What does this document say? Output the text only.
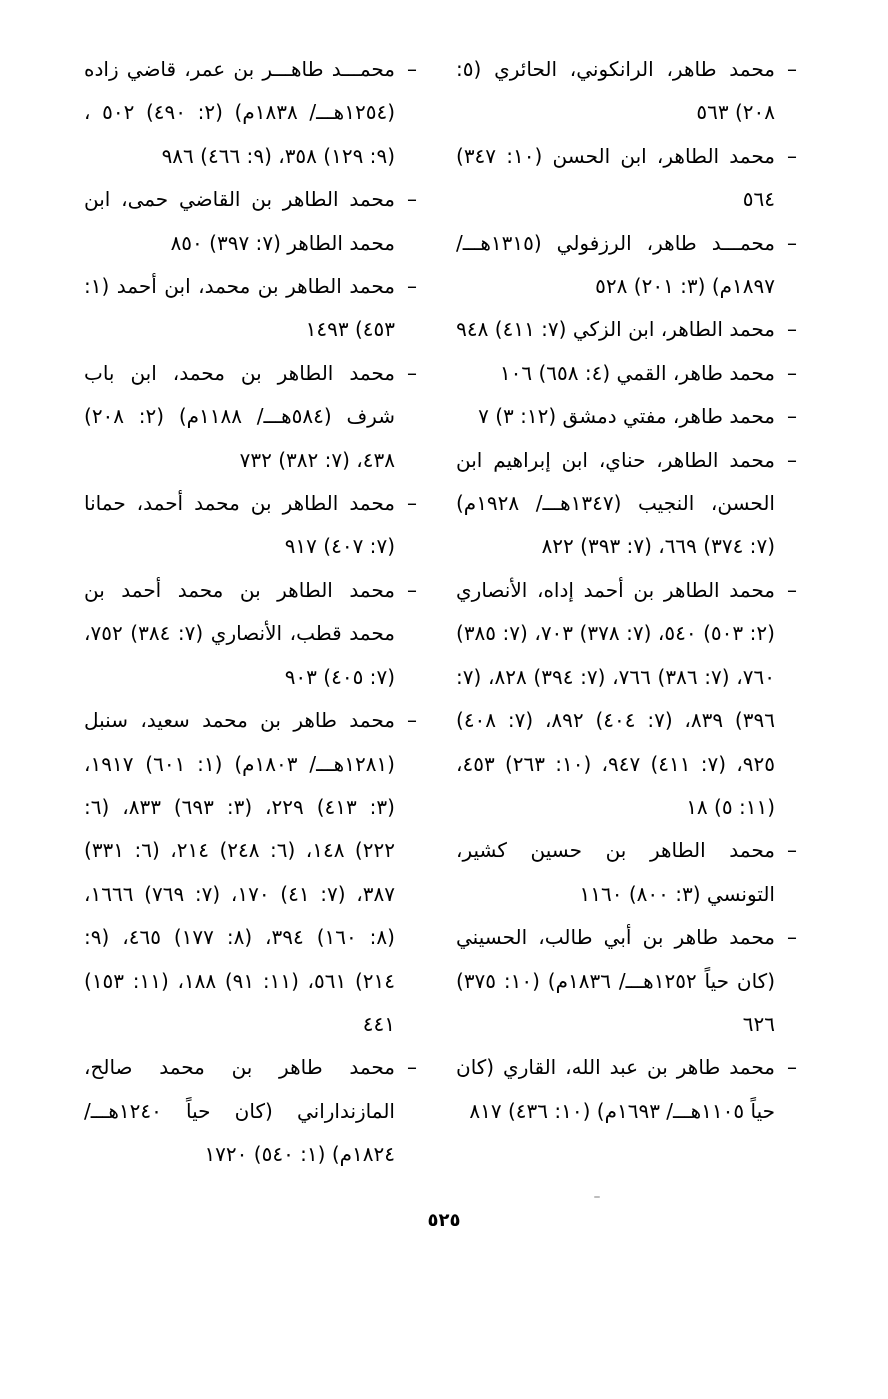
– محمد طاهر، الرانكوني، الحائري (٥: ٢٠٨) ٥٦٣

– محمد الطاهر، ابن الحسن (١٠: ٣٤٧) ٥٦٤

– محمـــد طاهر، الرزفولي (١٣١٥هـــ/ ١٨٩٧م) (٣: ٢٠١) ٥٢٨

– محمد الطاهر، ابن الزكي (٧: ٤١١) ٩٤٨

– محمد طاهر، القمي (٤: ٦٥٨) ١٠٦

– محمد طاهر، مفتي دمشق (١٢: ٣) ٧

– محمد الطاهر، حناي، ابن إبراهيم ابن الحسن، النجيب (١٣٤٧هـــ/ ١٩٢٨م) (٧: ٣٧٤) ٦٦٩، (٧: ٣٩٣) ٨٢٢

– محمد الطاهر بن أحمد إداه، الأنصاري (٢: ٥٠٣) ٥٤٠، (٧: ٣٧٨) ٧٠٣، (٧: ٣٨٥) ٧٦٠، (٧: ٣٨٦) ٧٦٦، (٧: ٣٩٤) ٨٢٨، (٧: ٣٩٦) ٨٣٩، (٧: ٤٠٤) ٨٩٢، (٧: ٤٠٨) ٩٢٥، (٧: ٤١١) ٩٤٧، (١٠: ٢٦٣) ٤٥٣، (١١: ٥) ١٨

– محمد الطاهر بن حسين كشير، التونسي (٣: ٨٠٠) ١١٦٠

– محمد طاهر بن أبي طالب، الحسيني (كان حياً ١٢٥٢هـــ/ ١٨٣٦م) (١٠: ٣٧٥) ٦٢٦

– محمد طاهر بن عبد الله، القاري (كان حياً ١١٠٥هـــ/ ١٦٩٣م) (١٠: ٤٣٦) ٨١٧

– محمـــد طاهـــر بن عمر، قاضي زاده (١٢٥٤هـــ/ ١٨٣٨م) (٢: ٤٩٠) ٥٠٢ ، (٩: ١٢٩) ٣٥٨، (٩: ٤٦٦) ٩٨٦

– محمد الطاهر بن القاضي حمى، ابن محمد الطاهر (٧: ٣٩٧) ٨٥٠

– محمد الطاهر بن محمد، ابن أحمد (١: ٤٥٣) ١٤٩٣

– محمد الطاهر بن محمد، ابن باب شرف (٥٨٤هـــ/ ١١٨٨م) (٢: ٢٠٨) ٤٣٨، (٧: ٣٨٢) ٧٣٢

– محمد الطاهر بن محمد أحمد، حمانا (٧: ٤٠٧) ٩١٧

– محمد الطاهر بن محمد أحمد بن محمد قطب، الأنصاري (٧: ٣٨٤) ٧٥٢، (٧: ٤٠٥) ٩٠٣

– محمد طاهر بن محمد سعيد، سنبل (١٢٨١هـــ/ ١٨٠٣م) (١: ٦٠١) ١٩١٧، (٣: ٤١٣) ٢٢٩، (٣: ٦٩٣) ٨٣٣، (٦: ٢٢٢) ١٤٨، (٦: ٢٤٨) ٢١٤، (٦: ٣٣١) ٣٨٧، (٧: ٤١) ١٧٠، (٧: ٧٦٩) ١٦٦٦، (٨: ١٦٠) ٣٩٤، (٨: ١٧٧) ٤٦٥، (٩: ٢١٤) ٥٦١، (١١: ٩١) ١٨٨، (١١: ١٥٣) ٤٤١

– محمد طاهر بن محمد صالح، المازنداراني (كان حياً ١٢٤٠هـــ/ ١٨٢٤م) (١: ٥٤٠) ١٧٢٠

٥٢٥
